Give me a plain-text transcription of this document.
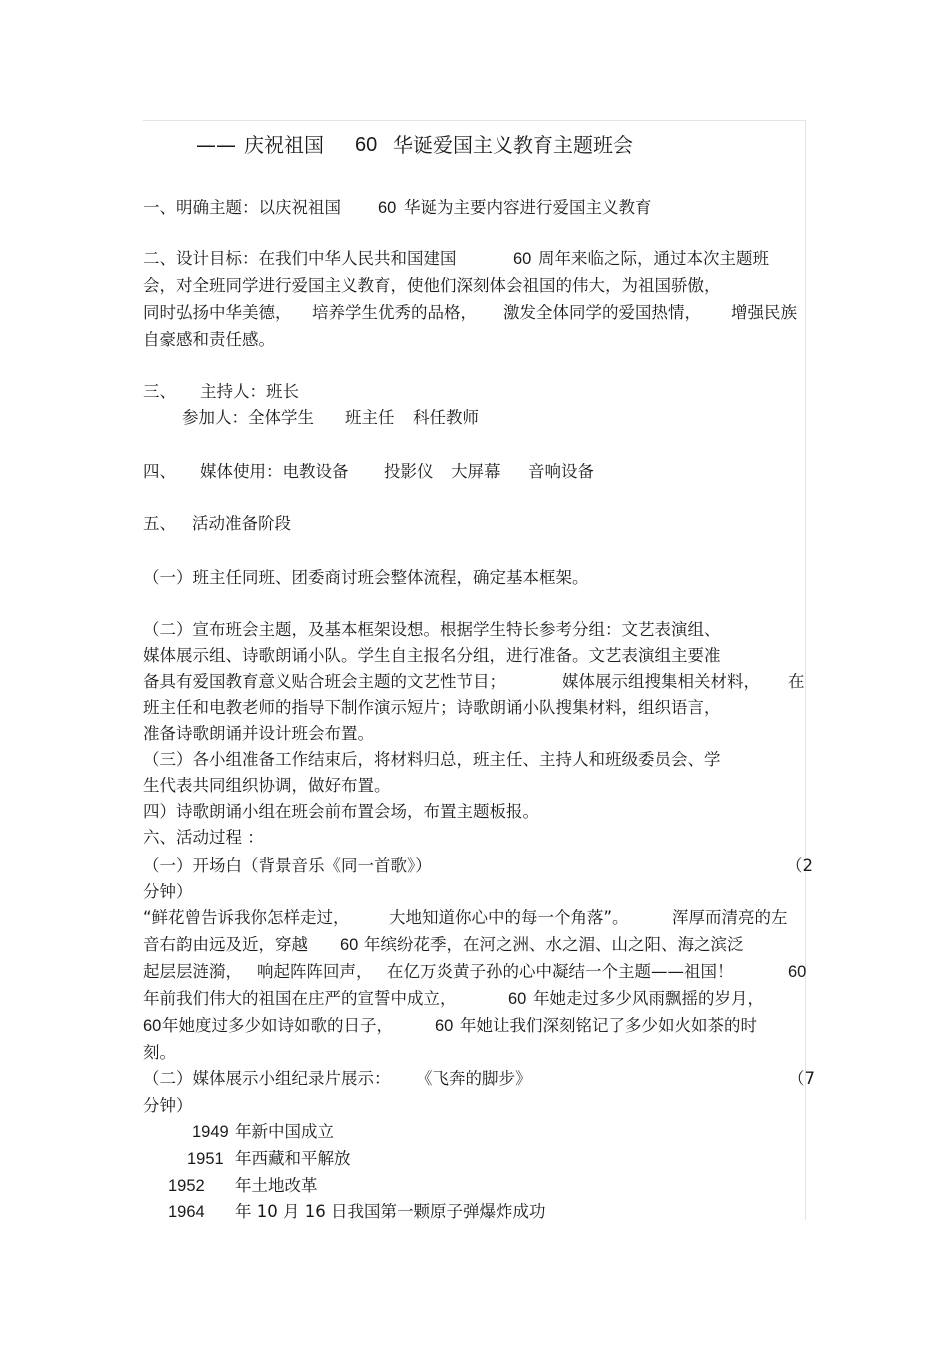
—— 庆祝祖国 60 华诞爱国主义教育主题班会
一、明确主题：以庆祝祖国 60 华诞为主要内容进行爱国主义教育
二、设计目标：在我们中华人民共和国建国	60 周年来临之际，通过本次主题班
会，对全班同学进行爱国主义教育，使他们深刻体会祖国的伟大，为祖国骄傲，
同时弘扬中华美德， 培养学生优秀的品格， 激发全体同学的爱国热情， 增强民族
自豪感和责任感。
三、 主持人：班长
参加人：全体学生 班主任 科任教师
四、 媒体使用：电教设备 投影仪 大屏幕 音响设备
五、 活动准备阶段
（一）班主任同班、团委商讨班会整体流程，确定基本框架。
（二）宣布班会主题，及基本框架设想。根据学生特长参考分组：文艺表演组、
媒体展示组、诗歌朗诵小队。学生自主报名分组，进行准备。文艺表演组主要准
备具有爱国教育意义贴合班会主题的文艺性节目；	媒体展示组搜集相关材料， 在
班主任和电教老师的指导下制作演示短片；诗歌朗诵小队搜集材料，组织语言，
准备诗歌朗诵并设计班会布置。
（三）各小组准备工作结束后，将材料归总，班主任、主持人和班级委员会、学
生代表共同组织协调，做好布置。
四）诗歌朗诵小组在班会前布置会场，布置主题板报。
六、活动过程 ：
（一）开场白（背景音乐《同一首歌》）	（2
分钟）
“鲜花曾告诉我你怎样走过， 大地知道你心中的每一个角落”。	浑厚而清亮的左
音右韵由远及近，穿越 60 年缤纷花季，在河之洲、水之湄、山之阳、海之滨泛
起层层涟漪， 响起阵阵回声， 在亿万炎黄子孙的心中凝结一个主题——祖国！	60
年前我们伟大的祖国在庄严的宣誓中成立，	60 年她走过多少风雨飘摇的岁月，
60 年她度过多少如诗如歌的日子，	60 年她让我们深刻铭记了多少如火如茶的时
刻。
（二）媒体展示小组纪录片展示： 《飞奔的脚步》	（7
分钟）
1949 年新中国成立
1951 年西藏和平解放
1952 年土地改革
1964 年 10 月 16 日我国第一颗原子弹爆炸成功
